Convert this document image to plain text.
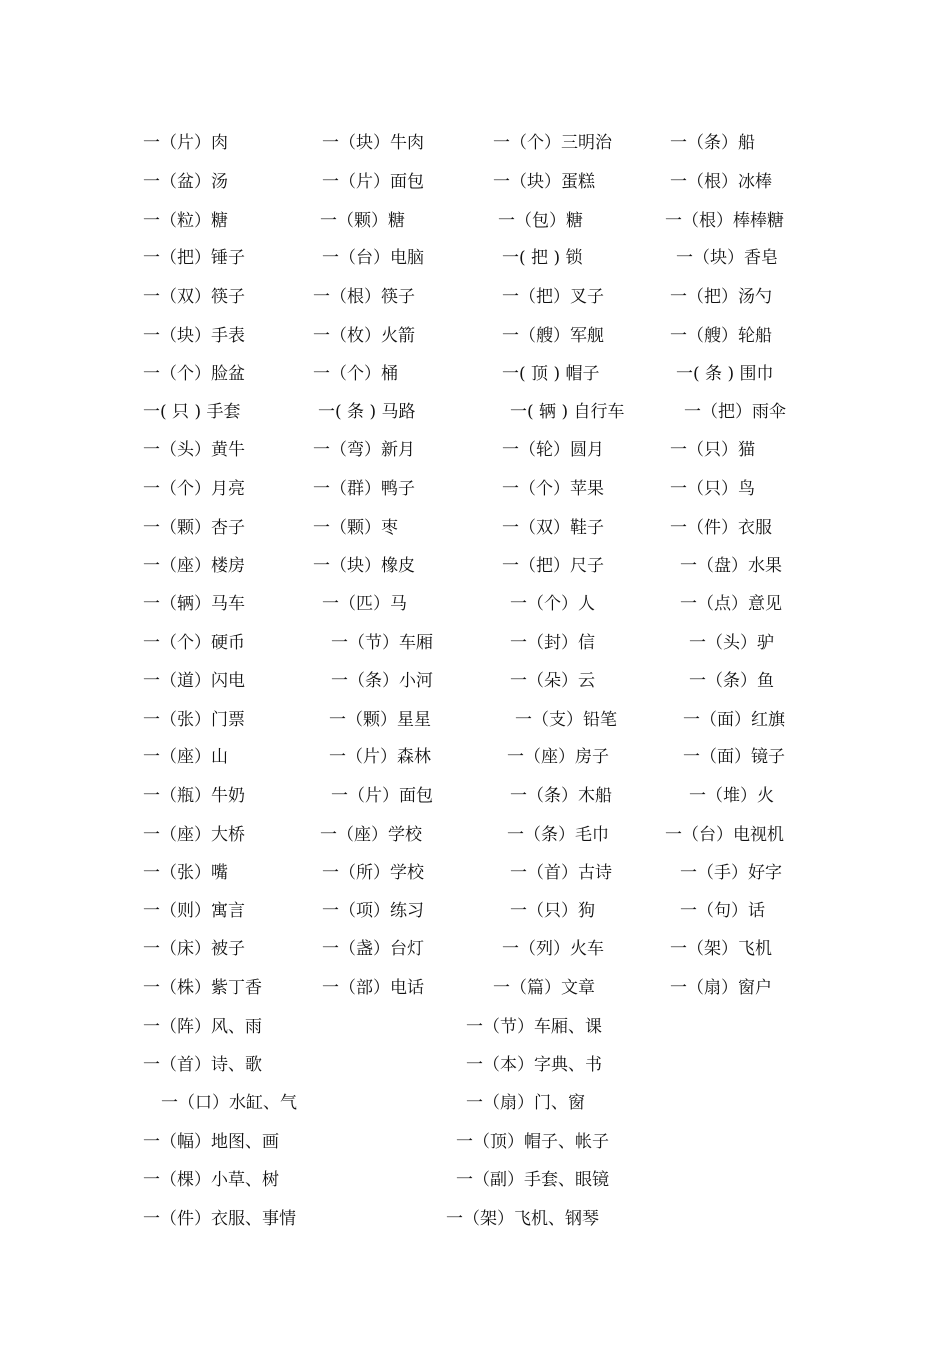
一（片）肉	一（块）牛肉	一（个）三明治	一（条）船
一（盆）汤	一（片）面包	一（块）蛋糕	一（根）冰棒
一（粒）糖	一（颗）糖	一（包）糖	一（根）棒棒糖
一（把）锤子	一（台）电脑	一( 把 ) 锁	一（块）香皂
一（双）筷子	一（根）筷子	一（把）叉子	一（把）汤勺
一（块）手表	一（枚）火箭	一（艘）军舰	一（艘）轮船
一（个）脸盆	一（个）桶	一( 顶 ) 帽子	一( 条 ) 围巾
一( 只 ) 手套	一( 条 ) 马路	一( 辆 ) 自行车	一（把）雨伞
一（头）黄牛	一（弯）新月	一（轮）圆月	一（只）猫
一（个）月亮	一（群）鸭子	一（个）苹果	一（只）鸟
一（颗）杏子	一（颗）枣	一（双）鞋子	一（件）衣服
一（座）楼房	一（块）橡皮	一（把）尺子	一（盘）水果
一（辆）马车	一（匹）马	一（个）人	一（点）意见
一（个）硬币	一（节）车厢	一（封）信	一（头）驴
一（道）闪电	一（条）小河	一（朵）云	一（条）鱼
一（张）门票	一（颗）星星	一（支）铅笔	一（面）红旗
一（座）山	一（片）森林	一（座）房子	一（面）镜子
一（瓶）牛奶	一（片）面包	一（条）木船	一（堆）火
一（座）大桥	一（座）学校	一（条）毛巾	一（台）电视机
一（张）嘴	一（所）学校	一（首）古诗	一（手）好字
一（则）寓言	一（项）练习	一（只）狗	一（句）话
一（床）被子	一（盏）台灯	一（列）火车	一（架）飞机
一（株）紫丁香	一（部）电话	一（篇）文章	一（扇）窗户
一（阵）风、雨	一（节）车厢、课
一（首）诗、歌	一（本）字典、书
一（口）水缸、气	一（扇）门、窗
一（幅）地图、画	一（顶）帽子、帐子
一（棵）小草、树	一（副）手套、眼镜
一（件）衣服、事情	一（架）飞机、钢琴
